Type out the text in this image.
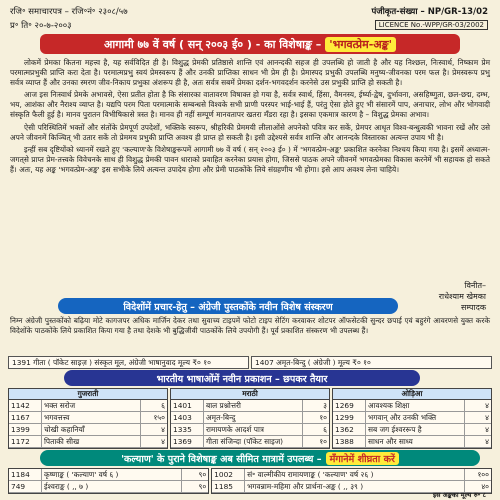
रजि॰ समाचारपत्र – रजि॰नं॰ २३०८/५७
प्र॰ ति॰ २०-७-२००३
पंजीकृत-संख्या – NP/GR-13/02
LICENCE No.-WPP/GR-03/2002
आगामी ७७ वें वर्ष ( सन् २००३ ई० ) - का विशेषाङ्क – 'भगवत्प्रेम-अङ्क'

लोकमें प्रेमका कितना महत्त्व है, यह सर्वविदित ही है। विशुद्ध प्रेमकी प्रतिष्ठासे शान्ति एवं आनन्दकी सहज ही उपलब्धि हो जाती है और यह निश्छल, निःस्वार्थ, निष्काम प्रेम परमात्मप्रभुकी प्राप्ति करा देता है। परमात्मप्रभु स्वयं प्रेमस्वरूप हैं और उनकी प्राप्तिका साधन भी प्रेम ही है। प्रेमास्पद प्रभुकी उपलब्धि मनुष्य-जीवनका परम फल है। प्रेमस्वरूप प्रभु सर्वत्र व्याप्त हैं और उनका स्मरण जीव-निकाय प्रभुका अंशरूप ही है, अतः सर्वत्र सबमें प्रेमका दर्शन-भगवदर्शन करनेसे उस प्रभुकी प्राप्ति हो सकती है।

आज इस निःस्वार्थ प्रेमके अभावसे, ऐसा प्रतीत होता है कि संसारका वातावरण विषाक्त हो गया है, सर्वत्र स्वार्थ, हिंसा, वैमनस्य, ईर्ष्या-द्वेष, दुर्भावना, असहिष्णुता, छल-छद्म, दम्भ, भय, आशंका और नैराश्य व्याप्त है। यद्यपि परम पिता परमात्माके सम्बन्धसे विश्वके सभी प्राणी परस्पर भाई-भाई हैं, परंतु ऐसा होते हुए भी संसारमें पाप, अनाचार, लोभ और भोगवादी संस्कृति फैली हुई है। मानव पुरातन विभीषिकासे त्रस्त है। मानव ही नहीं सम्पूर्ण मानवतापर खतरा मँडरा रहा है। इसका एकमात्र कारण है – विशुद्ध प्रेमका अभाव।

ऐसी परिस्थितिमें भक्तों और संतोंके प्रेमपूर्ण उपदेशों, भक्तिके स्वरूप, श्रीहरिकी प्रेममयी लीलाओंसे अपनेको पवित्र कर सकें, प्रेमपर आधृत विश्व-बन्धुत्वकी भावना रखें और उसे अपने जीवनमें किञ्चित् भी उतार सकें तो प्रेममय प्रभुकी प्राप्ति अवश्य ही प्राप्त हो सकती है। इसी उद्देश्यसे सर्वत्र शान्ति और आनन्दके विस्तारका अत्यन्त उपाय भी है।

इन्हीं सब दृष्टियोंको ध्यानमें रखते हुए 'कल्याण'के विशेषाङ्करूपमें आगामी ७७ वें वर्ष ( सन् २००३ ई० ) में 'भगवत्प्रेम-अङ्क' प्रकाशित करनेका निश्चय किया गया है। इसमें अध्यात्म-जगत्‌से प्राप्त प्रेम-तत्त्वके विवेचनके साथ ही विशुद्ध प्रेमकी पावन धाराको प्रवाहित करनेका प्रयास होगा, जिससे पाठक अपने जीवनमें भगवत्प्रेमका विकास करनेमें भी सहायक हो सकते हैं। अतः, यह अङ्क 'भगवत्प्रेम-अङ्क' इस सभीके लिये अत्यन्त उपादेय होगा और प्रेमी पाठकोंके लिये संग्रहणीय भी होगा। इसे आप अवश्य लेना चाहिये।

विनीत–
राधेश्याम खेमका
सम्पादक
विदेशोंमें प्रचार-हेतु – अंग्रेजी पुस्तकोंके नवीन विशेष संस्करण
निम्न अंग्रेजी पुस्तकोंको बढ़िया मोटे कागजपर अधिक मार्जिन देकर तथा सुवाच्य टाइपमें फोटो टाइप सेटिंग करवाकर शोटपर ऑफसेटकी सुन्दर छपाई एवं बहुरंगे आवरणसे युक्त करके विदेशोंके पाठकोंके लिये प्रकाशित किया गया है तथा देशके भी बुद्धिजीवी पाठकोंके लिये उपयोगी हैं। पूर्व प्रकाशित संस्करण भी उपलब्ध हैं।
1391 गीता ( पॉकेट साइज़ ) संस्कृत मूल, अंग्रेजी भाषानुवाद मूल्य ₹० १०	1407 अमृत-बिन्दु ( अंग्रेजी ) मूल्य ₹० १०
भारतीय भाषाओंमें नवीन प्रकाशन – छपकर तैयार
गुजराती
1142	भक्त सरोज	६
1167	भगवत्तत्त्व	१५०
1399	चोखी कहानियाँ	४
1172	पिताकी सीख	४
मराठी
1401	बाल प्रश्नोत्तरी	३
1403	अमृत-बिन्दु	१०
1335	रामायणके आदर्श पात्र	६
1369	गीता संजिन्दा (पॉकेट साइज)	१०
ओड़िआ
1269	आवश्यक शिक्षा	४
1299	भगवान् और उनकी भक्ति	४
1362	सब जग ईश्वररूप है	४
1388	साधन और साध्य	४
'कल्याण' के पुराने विशेषाङ्क अब सीमित मात्रामें उपलब्ध – मँगानेमें शीघ्रता करें
1184	कृष्णाङ्क ( 'कल्याण' वर्ष ६ )	९०
749	ईश्वराङ्क ( ,, ७ )	९०
1002	सं॰ वाल्मीकीय रामायणाङ्क ( 'कल्याण' वर्ष २६ )	१००
1185	भगवन्नाम-महिमा और प्रार्थना-अङ्क ( ,, ३९ )	४०
इस अङ्कका मूल्य रु॰ ८
